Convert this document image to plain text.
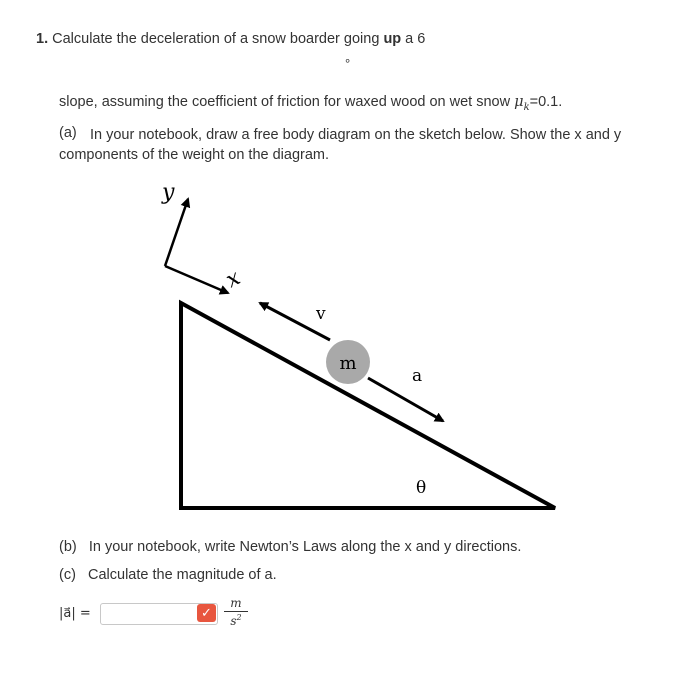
1. Calculate the deceleration of a snow boarder going up a 6
°
slope, assuming the coefficient of friction for waxed wood on wet snow $\mu_k=0.1$.
(a) In your notebook, draw a free body diagram on the sketch below. Show the x and y components of the weight on the diagram.
y
x
v
m
a
θ
(b) In your notebook, write Newton’s Laws along the x and y directions.
(c) Calculate the magnitude of a.
|a⃗| =	✓	$\frac{m}{s^2}$
